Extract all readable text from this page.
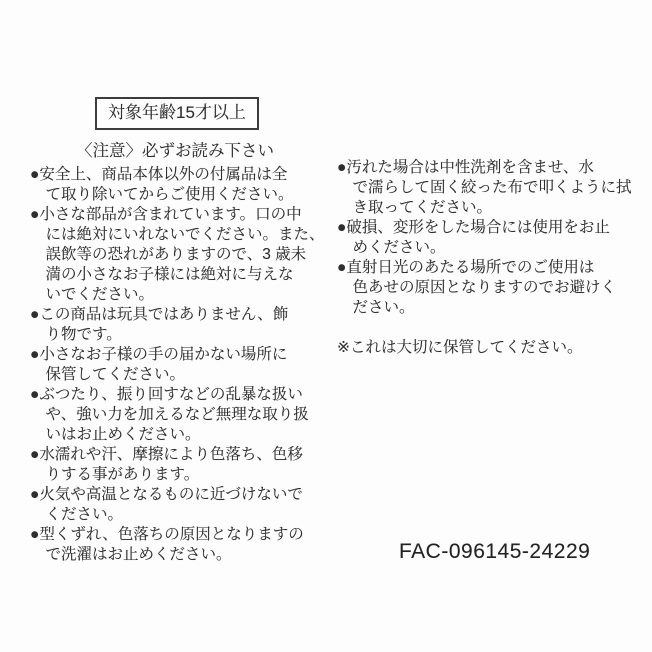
対象年齢15才以上
〈注意〉必ずお読み下さい
●安全上、商品本体以外の付属品は全
て取り除いてからご使用ください。
●小さな部品が含まれています。口の中
には絶対にいれないでください。また、
誤飲等の恐れがありますので、3 歳未
満の小さなお子様には絶対に与えな
いでください。
●この商品は玩具ではありません、飾
り物です。
●小さなお子様の手の届かない場所に
保管してください。
●ぶつたり、振り回すなどの乱暴な扱い
や、強い力を加えるなど無理な取り扱
いはお止めください。
●水濡れや汗、摩擦により色落ち、色移
りする事があります。
●火気や高温となるものに近づけないで
ください。
●型くずれ、色落ちの原因となりますの
で洗濯はお止めください。
●汚れた場合は中性洗剤を含ませ、水
で濡らして固く絞った布で叩くように拭
き取ってください。
●破損、変形をした場合には使用をお止
めください。
●直射日光のあたる場所でのご使用は
色あせの原因となりますのでお避けく
ださい。
※これは大切に保管してください。
FAC-096145-24229
